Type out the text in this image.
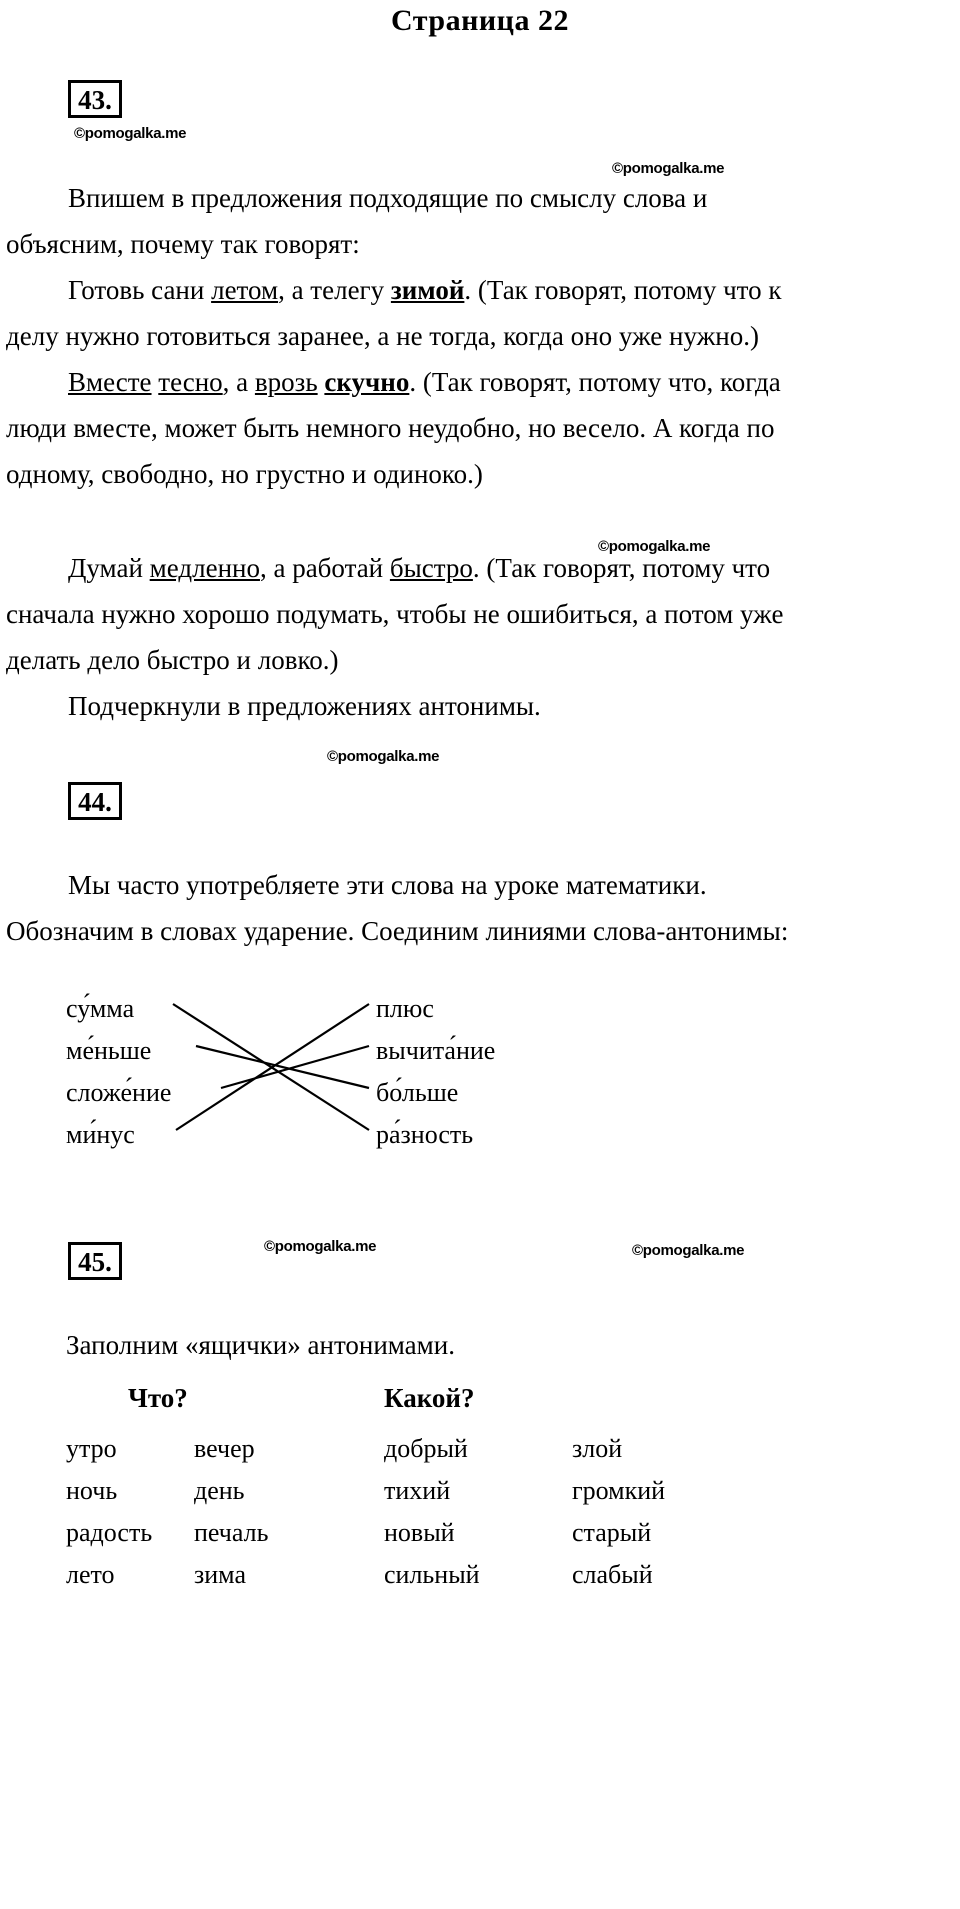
Страница 22
43.
©pomogalka.me
©pomogalka.me

Впишем в предложения подходящие по смыслу слова и объясним, почему так говорят:

Готовь сани летом, а телегу зимой. (Так говорят, потому что к делу нужно готовиться заранее, а не тогда, когда оно уже нужно.)

Вместе тесно, а врозь скучно. (Так говорят, потому что, когда люди вместе, может быть немного неудобно, но весело. А когда по одному, свободно, но грустно и одиноко.)

©pomogalka.me

Думай медленно, а работай быстро. (Так говорят, потому что сначала нужно хорошо подумать, чтобы не ошибиться, а потом уже делать дело быстро и ловко.)

Подчеркнули в предложениях антонимы.

©pomogalka.me
44.

Мы часто употребляете эти слова на уроке математики. Обозначим в словах ударение. Соединим линиями слова-антонимы:

су́мма
ме́ньше
сложе́ние
ми́нус
плюс
вычита́ние
бо́льше
ра́зность
45.
©pomogalka.me	©pomogalka.me
Заполним «ящички» антонимами.
Что?		Какой?	
утро	вечер	добрый	злой
ночь	день	тихий	громкий
радость	печаль	новый	старый
лето	зима	сильный	слабый
